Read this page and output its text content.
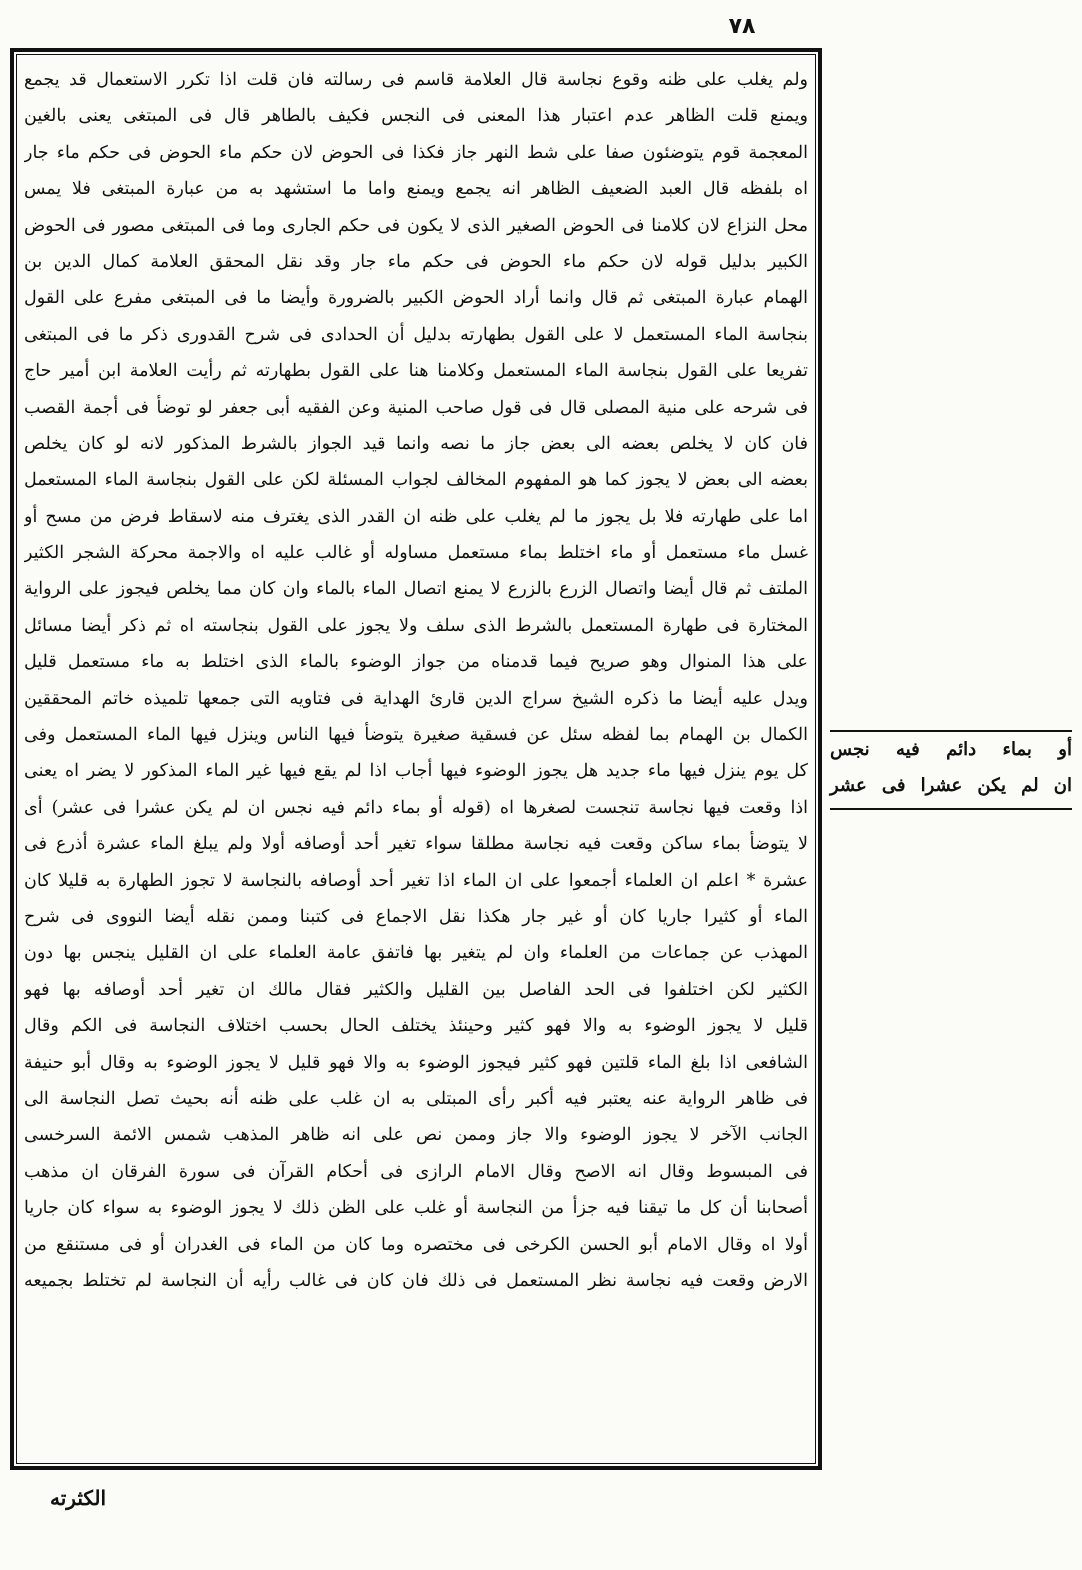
٧٨
ولم يغلب على ظنه وقوع نجاسة قال العلامة قاسم فى رسالته فان قلت اذا تكرر الاستعمال قد يجمع
ويمنع قلت الظاهر عدم اعتبار هذا المعنى فى النجس فكيف بالطاهر قال فى المبتغى يعنى بالغين
المعجمة قوم يتوضئون صفا على شط النهر جاز فكذا فى الحوض لان حكم ماء الحوض فى حكم ماء جار
اه بلفظه قال العبد الضعيف الظاهر انه يجمع ويمنع واما ما استشهد به من عبارة المبتغى فلا يمس
محل النزاع لان كلامنا فى الحوض الصغير الذى لا يكون فى حكم الجارى وما فى المبتغى مصور فى الحوض
الكبير بدليل قوله لان حكم ماء الحوض فى حكم ماء جار وقد نقل المحقق العلامة كمال الدين بن
الهمام عبارة المبتغى ثم قال وانما أراد الحوض الكبير بالضرورة وأيضا ما فى المبتغى مفرع على القول
بنجاسة الماء المستعمل لا على القول بطهارته بدليل أن الحدادى فى شرح القدورى ذكر ما فى المبتغى
تفريعا على القول بنجاسة الماء المستعمل وكلامنا هنا على القول بطهارته ثم رأيت العلامة ابن أمير حاج
فى شرحه على منية المصلى قال فى قول صاحب المنية وعن الفقيه أبى جعفر لو توضأ فى أجمة القصب
فان كان لا يخلص بعضه الى بعض جاز ما نصه وانما قيد الجواز بالشرط المذكور لانه لو كان يخلص
بعضه الى بعض لا يجوز كما هو المفهوم المخالف لجواب المسئلة لكن على القول بنجاسة الماء المستعمل
اما على طهارته فلا بل يجوز ما لم يغلب على ظنه ان القدر الذى يغترف منه لاسقاط فرض من مسح أو
غسل ماء مستعمل أو ماء اختلط بماء مستعمل مساوله أو غالب عليه اه والاجمة محركة الشجر الكثير
الملتف ثم قال أيضا واتصال الزرع بالزرع لا يمنع اتصال الماء بالماء وان كان مما يخلص فيجوز على الرواية
المختارة فى طهارة المستعمل بالشرط الذى سلف ولا يجوز على القول بنجاسته اه ثم ذكر أيضا مسائل
على هذا المنوال وهو صريح فيما قدمناه من جواز الوضوء بالماء الذى اختلط به ماء مستعمل قليل
ويدل عليه أيضا ما ذكره الشيخ سراج الدين قارئ الهداية فى فتاويه التى جمعها تلميذه خاتم المحققين
الكمال بن الهمام بما لفظه سئل عن فسقية صغيرة يتوضأ فيها الناس وينزل فيها الماء المستعمل وفى
كل يوم ينزل فيها ماء جديد هل يجوز الوضوء فيها أجاب اذا لم يقع فيها غير الماء المذكور لا يضر اه يعنى
اذا وقعت فيها نجاسة تنجست لصغرها اه (قوله أو بماء دائم فيه نجس ان لم يكن عشرا فى عشر) أى
لا يتوضأ بماء ساكن وقعت فيه نجاسة مطلقا سواء تغير أحد أوصافه أولا ولم يبلغ الماء عشرة أذرع فى
عشرة * اعلم ان العلماء أجمعوا على ان الماء اذا تغير أحد أوصافه بالنجاسة لا تجوز الطهارة به قليلا كان
الماء أو كثيرا جاريا كان أو غير جار هكذا نقل الاجماع فى كتبنا وممن نقله أيضا النووى فى شرح
المهذب عن جماعات من العلماء وان لم يتغير بها فاتفق عامة العلماء على ان القليل ينجس بها دون
الكثير لكن اختلفوا فى الحد الفاصل بين القليل والكثير فقال مالك ان تغير أحد أوصافه بها فهو
قليل لا يجوز الوضوء به والا فهو كثير وحينئذ يختلف الحال بحسب اختلاف النجاسة فى الكم وقال
الشافعى اذا بلغ الماء قلتين فهو كثير فيجوز الوضوء به والا فهو قليل لا يجوز الوضوء به وقال أبو حنيفة
فى ظاهر الرواية عنه يعتبر فيه أكبر رأى المبتلى به ان غلب على ظنه أنه بحيث تصل النجاسة الى
الجانب الآخر لا يجوز الوضوء والا جاز وممن نص على انه ظاهر المذهب شمس الائمة السرخسى
فى المبسوط وقال انه الاصح وقال الامام الرازى فى أحكام القرآن فى سورة الفرقان ان مذهب
أصحابنا أن كل ما تيقنا فيه جزأ من النجاسة أو غلب على الظن ذلك لا يجوز الوضوء به سواء كان جاريا
أولا اه وقال الامام أبو الحسن الكرخى فى مختصره وما كان من الماء فى الغدران أو فى مستنقع من
الارض وقعت فيه نجاسة نظر المستعمل فى ذلك فان كان فى غالب رأيه أن النجاسة لم تختلط بجميعه
أو بماء دائم فيه نجس
ان لم يكن عشرا فى عشر
الكثرته
